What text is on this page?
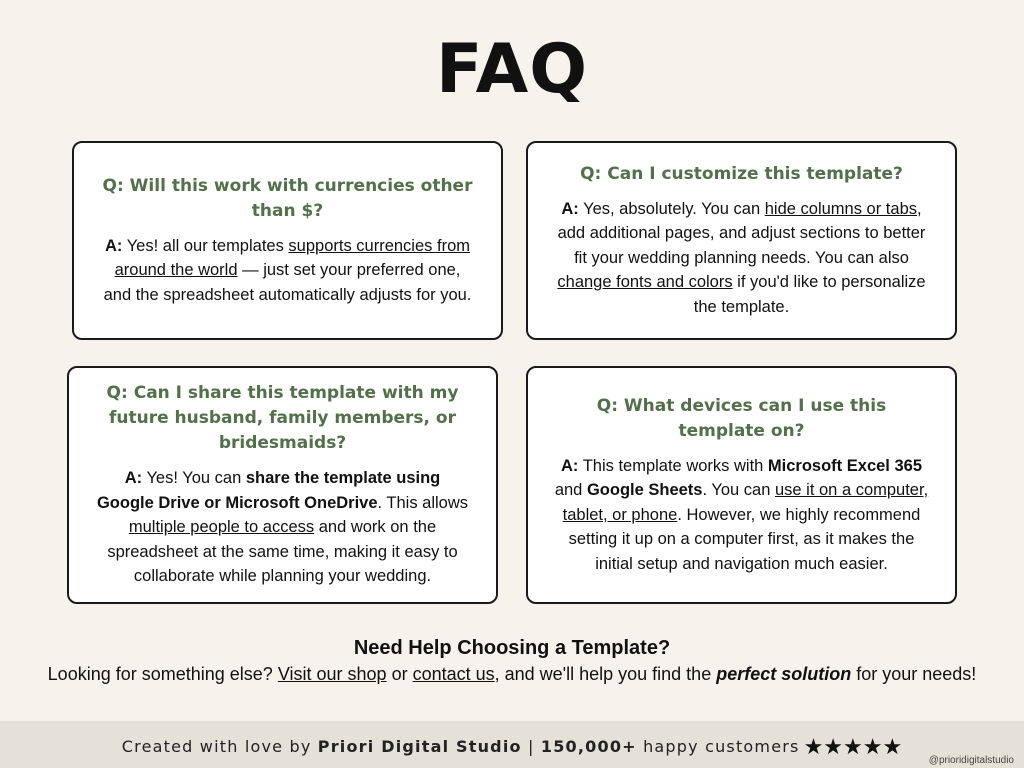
FAQ
Q: Will this work with currencies other than $?
A: Yes! all our templates supports currencies from around the world — just set your preferred one, and the spreadsheet automatically adjusts for you.
Q: Can I customize this template?
A: Yes, absolutely. You can hide columns or tabs, add additional pages, and adjust sections to better fit your wedding planning needs. You can also change fonts and colors if you'd like to personalize the template.
Q: Can I share this template with my future husband, family members, or bridesmaids?
A: Yes! You can share the template using Google Drive or Microsoft OneDrive. This allows multiple people to access and work on the spreadsheet at the same time, making it easy to collaborate while planning your wedding.
Q: What devices can I use this template on?
A: This template works with Microsoft Excel 365 and Google Sheets. You can use it on a computer, tablet, or phone. However, we highly recommend setting it up on a computer first, as it makes the initial setup and navigation much easier.
Need Help Choosing a Template?
Looking for something else? Visit our shop or contact us, and we'll help you find the perfect solution for your needs!
Created with love by Priori Digital Studio | 150,000+ happy customers ★★★★★
@prioridigitalstudio
